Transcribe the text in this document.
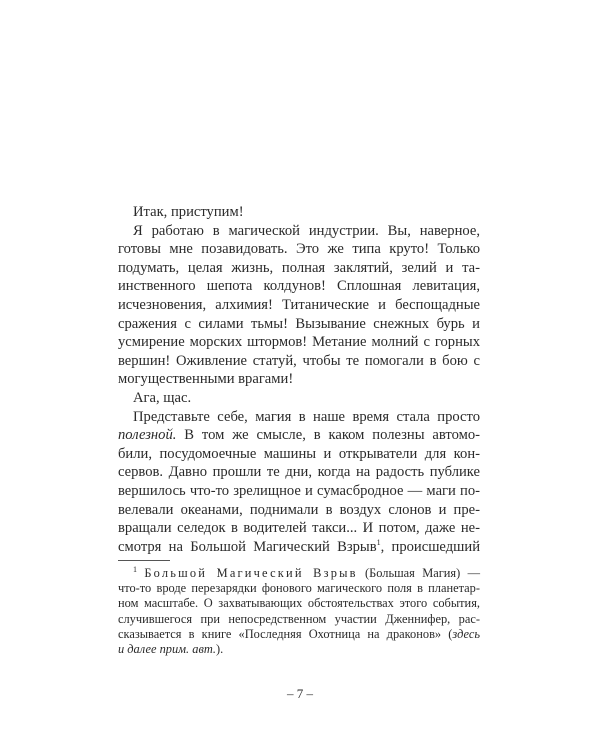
Итак, приступим!
Я работаю в магической индустрии. Вы, наверное,
готовы мне позавидовать. Это же типа круто! Только
подумать, целая жизнь, полная заклятий, зелий и та-
инственного шепота колдунов! Сплошная левитация,
исчезновения, алхимия! Титанические и беспощадные
сражения с силами тьмы! Вызывание снежных бурь и
усмирение морских штормов! Метание молний с горных
вершин! Оживление статуй, чтобы те помогали в бою с
могущественными врагами!
Ага, щас.
Представьте себе, магия в наше время стала просто
полезной. В том же смысле, в каком полезны автомо-
били, посудомоечные машины и открыватели для кон-
сервов. Давно прошли те дни, когда на радость публике
вершилось что-то зрелищное и сумасбродное — маги по-
велевали океанами, поднимали в воздух слонов и пре-
вращали селедок в водителей такси... И потом, даже не-
смотря на Большой Магический Взрыв$^1$, происшедший
$^1$ Большой Магический Взрыв (Большая Магия) —
что-то вроде перезарядки фонового магического поля в планетар-
ном масштабе. О захватывающих обстоятельствах этого события,
случившегося при непосредственном участии Дженнифер, рас-
сказывается в книге «Последняя Охотница на драконов» (здесь
и далее прим. авт.).
– 7 –
